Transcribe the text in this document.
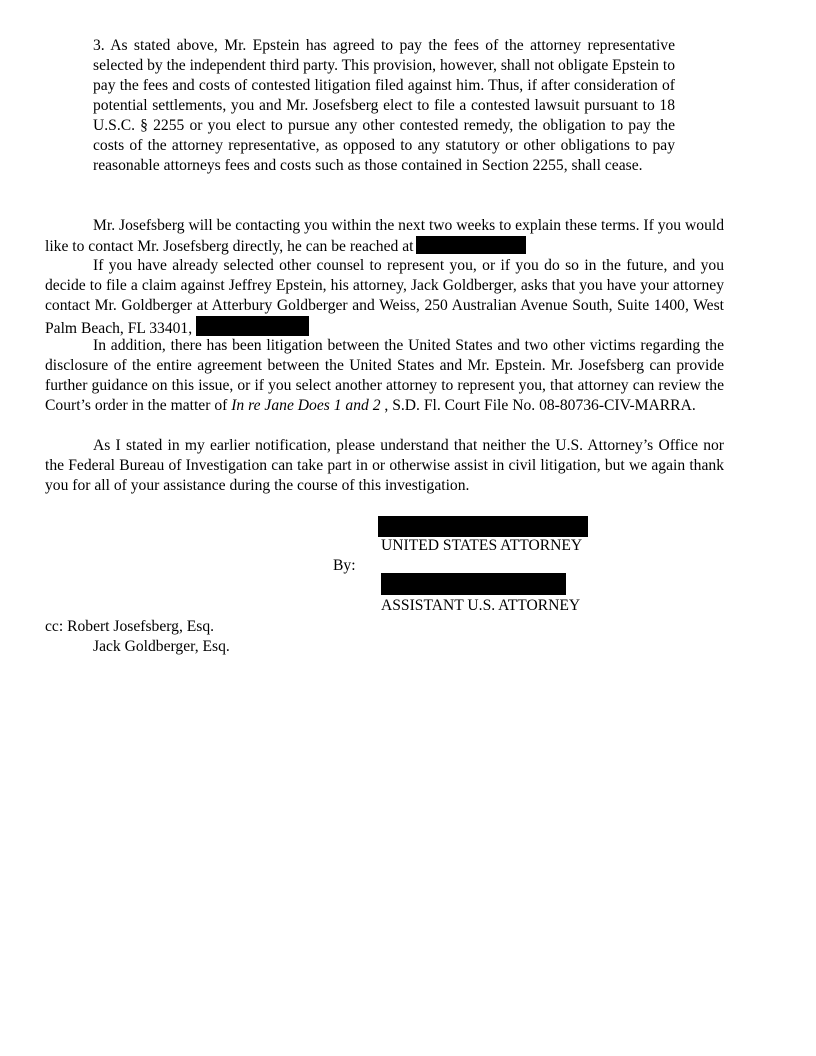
3. As stated above, Mr. Epstein has agreed to pay the fees of the attorney representative selected by the independent third party. This provision, however, shall not obligate Epstein to pay the fees and costs of contested litigation filed against him. Thus, if after consideration of potential settlements, you and Mr. Josefsberg elect to file a contested lawsuit pursuant to 18 U.S.C. § 2255 or you elect to pursue any other contested remedy, the obligation to pay the costs of the attorney representative, as opposed to any statutory or other obligations to pay reasonable attorneys fees and costs such as those contained in Section 2255, shall cease.

Mr. Josefsberg will be contacting you within the next two weeks to explain these terms. If you would like to contact Mr. Josefsberg directly, he can be reached at

If you have already selected other counsel to represent you, or if you do so in the future, and you decide to file a claim against Jeffrey Epstein, his attorney, Jack Goldberger, asks that you have your attorney contact Mr. Goldberger at Atterbury Goldberger and Weiss, 250 Australian Avenue South, Suite 1400, West Palm Beach, FL 33401,

In addition, there has been litigation between the United States and two other victims regarding the disclosure of the entire agreement between the United States and Mr. Epstein. Mr. Josefsberg can provide further guidance on this issue, or if you select another attorney to represent you, that attorney can review the Court’s order in the matter of In re Jane Does 1 and 2 , S.D. Fl. Court File No. 08-80736-CIV-MARRA.

As I stated in my earlier notification, please understand that neither the U.S. Attorney’s Office nor the Federal Bureau of Investigation can take part in or otherwise assist in civil litigation, but we again thank you for all of your assistance during the course of this investigation.

UNITED STATES ATTORNEY
By:
ASSISTANT U.S. ATTORNEY
cc: Robert Josefsberg, Esq.
Jack Goldberger, Esq.
